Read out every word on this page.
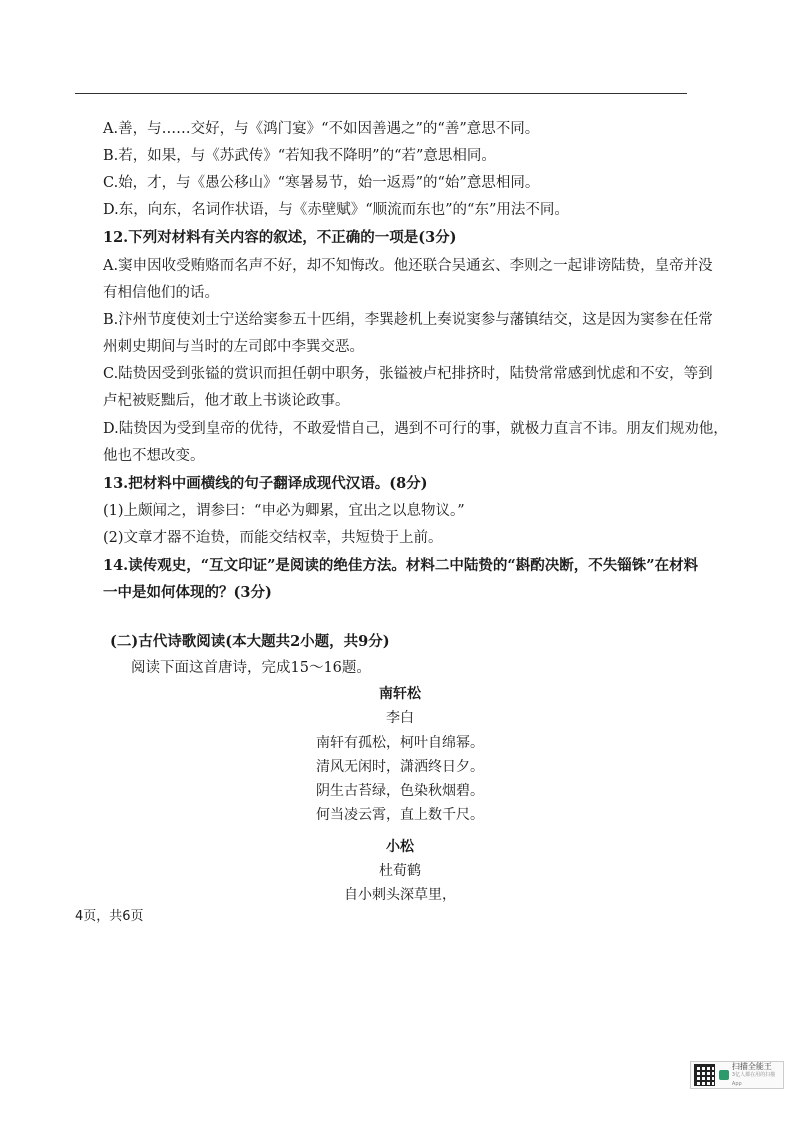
A.善，与……交好，与《鸿门宴》“不如因善遇之”的“善”意思不同。
B.若，如果，与《苏武传》“若知我不降明”的“若”意思相同。
C.始，才，与《愚公移山》“寒暑易节，始一返焉”的“始”意思相同。
D.东，向东，名词作状语，与《赤壁赋》“顺流而东也”的“东”用法不同。
12.下列对材料有关内容的叙述，不正确的一项是(3分)
A.窦申因收受贿赂而名声不好，却不知悔改。他还联合吴通玄、李则之一起诽谤陆贽，皇帝并没
有相信他们的话。
B.汴州节度使刘士宁送给窦参五十匹绢，李巽趁机上奏说窦参与藩镇结交，这是因为窦参在任常
州刺史期间与当时的左司郎中李巽交恶。
C.陆贽因受到张镒的赏识而担任朝中职务，张镒被卢杞排挤时，陆贽常常感到忧虑和不安，等到
卢杞被贬黜后，他才敢上书谈论政事。
D.陆贽因为受到皇帝的优待，不敢爱惜自己，遇到不可行的事，就极力直言不讳。朋友们规劝他，
他也不想改变。
13.把材料中画横线的句子翻译成现代汉语。(8分)
(1)上颇闻之，谓参曰：“申必为卿累，宜出之以息物议。”
(2)文章才器不迨贽，而能交结权幸，共短贽于上前。
14.读传观史，“互文印证”是阅读的绝佳方法。材料二中陆贽的“斟酌决断，不失锱铢”在材料
一中是如何体现的？(3分)
(二)古代诗歌阅读(本大题共2小题，共9分)
阅读下面这首唐诗，完成15～16题。
南轩松
李白
南轩有孤松，柯叶自绵幂。
清风无闲时，潇洒终日夕。
阴生古苔绿，色染秋烟碧。
何当凌云霄，直上数千尺。
小松
杜荀鹤
自小刺头深草里，
4页，共6页
扫描全能王
3亿人都在用的扫描App
